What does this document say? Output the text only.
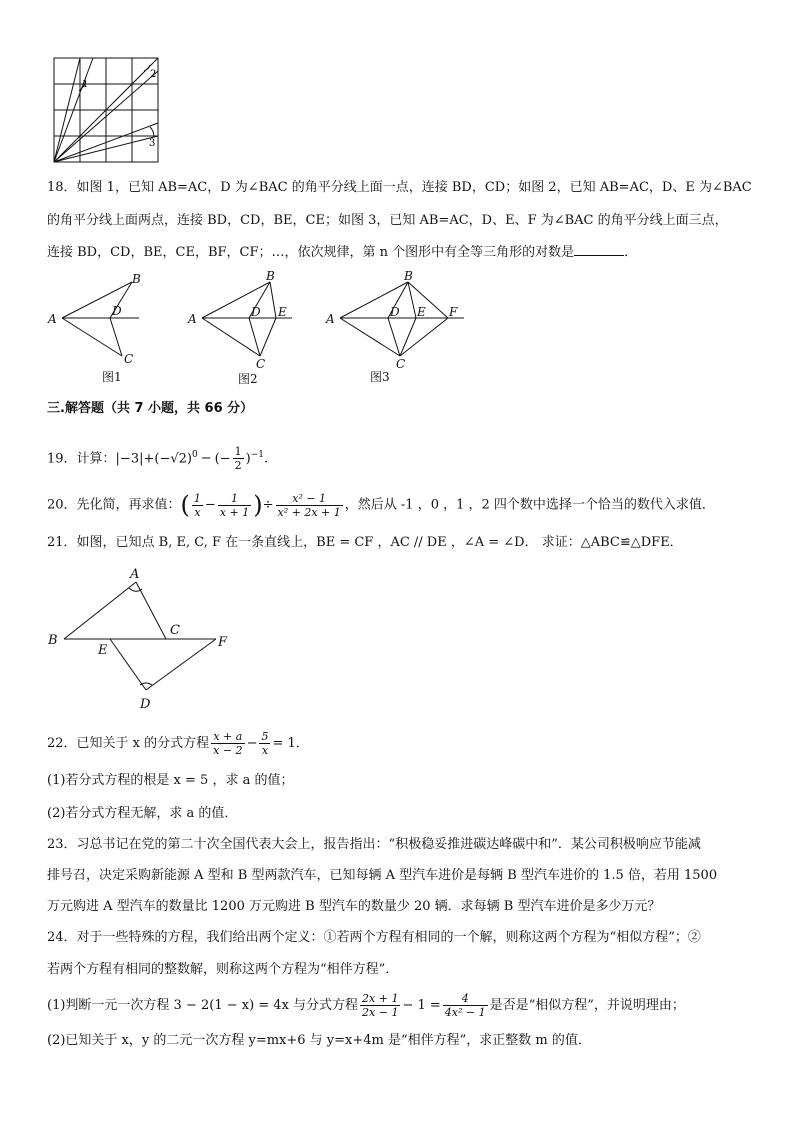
1
2
3
18．如图 1，已知 AB=AC，D 为∠BAC 的角平分线上面一点，连接 BD，CD；如图 2，已知 AB=AC，D、E 为∠BAC
的角平分线上面两点，连接 BD，CD，BE，CE；如图 3，已知 AB=AC，D、E、F 为∠BAC 的角平分线上面三点，
连接 BD，CD，BE，CE，BF，CF；…，依次规律，第 n 个图形中有全等三角形的对数是	．
A
B
D
C
A
B
D E
C
A
B
D E F
C
图1	图2	图3
三.解答题（共 7 小题，共 66 分）
19．计算：$|-3|+(-√2)^0$ − (− $\frac{1}{2} )^{-1}$.
20．先化简，再求值：( $\frac{1}{x} - \frac{1}{x + 1}$ )÷ $\frac{\text{x² − 1}}{\text{x² + 2x + 1}}$ ，然后从 -1 ，0 ，1 ，2 四个数中选择一个恰当的数代入求值．
21．如图，已知点 B, E, C, F 在一条直线上，BE = CF ，AC // DE ，∠A = ∠D． 求证：△ABC≌△DFE．
A
B
C
E
F
D
22．已知关于 x 的分式方程 $\frac{x + a}{x - 2} - \frac{5}{x} = 1$．
(1)若分式方程的根是 x = 5 ，求 a 的值；
(2)若分式方程无解，求 a 的值．
23．习总书记在党的第二十次全国代表大会上，报告指出：“积极稳妥推进碳达峰碳中和”．某公司积极响应节能减
排号召，决定采购新能源 A 型和 B 型两款汽车，已知每辆 A 型汽车进价是每辆 B 型汽车进价的 1.5 倍，若用 1500
万元购进 A 型汽车的数量比 1200 万元购进 B 型汽车的数量少 20 辆．求每辆 B 型汽车进价是多少万元？
24．对于一些特殊的方程，我们给出两个定义：①若两个方程有相同的一个解，则称这两个方程为“相似方程”；②
若两个方程有相同的整数解，则称这两个方程为“相伴方程”．
(1)判断一元一次方程 3 − 2(1 − x) = 4x 与分式方程 $\frac{2x + 1}{2x - 1} - 1 = \frac{4}{\text{4x² − 1}}$ 是否是“相似方程”，并说明理由；
(2)已知关于 x，y 的二元一次方程 y=mx+6 与 y=x+4m 是“相伴方程”，求正整数 m 的值．
